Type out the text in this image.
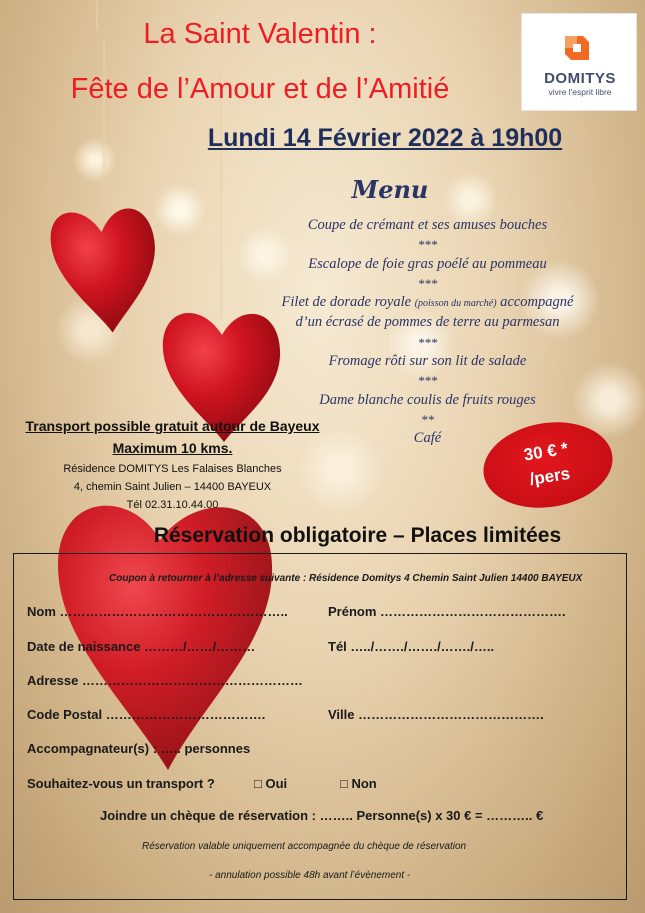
La Saint Valentin :
Fête de l’Amour et de l’Amitié	DOMITYS
vivre l'esprit libre
Lundi 14 Février 2022 à 19h00
Menu
Coupe de crémant et ses amuses bouches
***
Escalope de foie gras poélé au pommeau
***
Filet de dorade royale (poisson du marché) accompagné
d’un écrasé de pommes de terre au parmesan
***
Fromage rôti sur son lit de salade
***
Dame blanche coulis de fruits rouges
**
Café
30 € *
/pers
Transport possible gratuit autour de Bayeux
Maximum 10 kms.
Résidence DOMITYS Les Falaises Blanches
4, chemin Saint Julien – 14400 BAYEUX
Tél 02.31.10.44.00
Réservation obligatoire – Places limitées
Coupon à retourner à l’adresse suivante : Résidence Domitys 4 Chemin Saint Julien 14400 BAYEUX
Nom ……………………………………………..	Prénom …………………………………….
Date de naissance ………/……/………	Tél …../……./……./……./…..
Adresse ……………………………………………
Code Postal ……………………………….	Ville …………………………………….
Accompagnateur(s) : ….. personnes
Souhaitez-vous un transport ?	□ Oui	□ Non
Joindre un chèque de réservation : …….. Personne(s) x 30 € = ……….. €
Réservation valable uniquement accompagnée du chèque de réservation
- annulation possible 48h avant l’évènement -
